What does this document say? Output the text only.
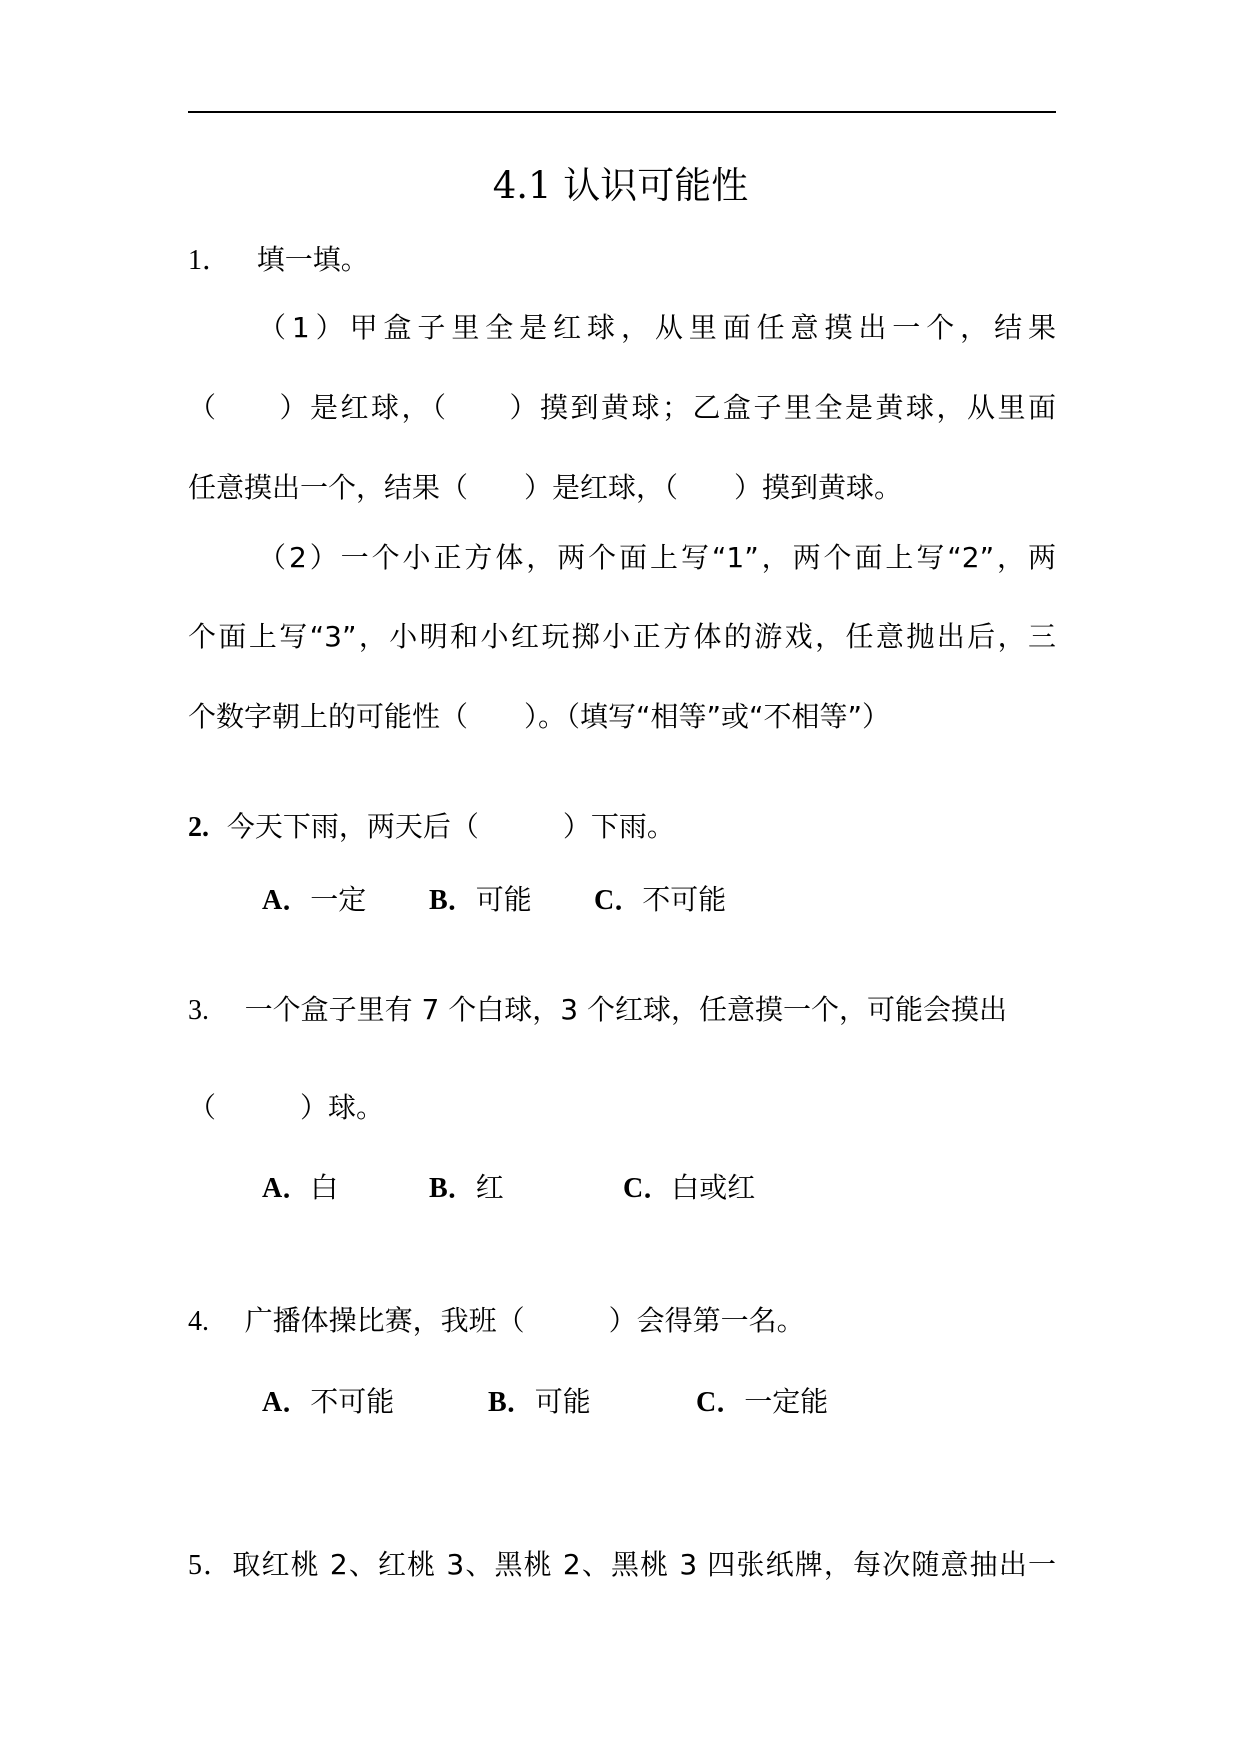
4.1 认识可能性
1． 填一填。
（1）甲盒子里全是红球，从里面任意摸出一个，结果
（　　）是红球，（　　）摸到黄球；乙盒子里全是黄球，从里面
任意摸出一个，结果（　　）是红球，（　　）摸到黄球。
（2）一个小正方体，两个面上写“1”，两个面上写“2”，两
个面上写“3”，小明和小红玩掷小正方体的游戏，任意抛出后，三
个数字朝上的可能性（　　）。（填写“相等”或“不相等”）
2. 今天下雨，两天后（　　　）下雨。
A．一定 B．可能 C．不可能
3. 一个盒子里有 7 个白球，3 个红球，任意摸一个，可能会摸出
（　　　）球。
A．白	B．红	C．白或红
4. 广播体操比赛，我班（　　　）会得第一名。
A．不可能	B．可能	C．一定能
5．取红桃 2、红桃 3、黑桃 2、黑桃 3 四张纸牌，每次随意抽出一
